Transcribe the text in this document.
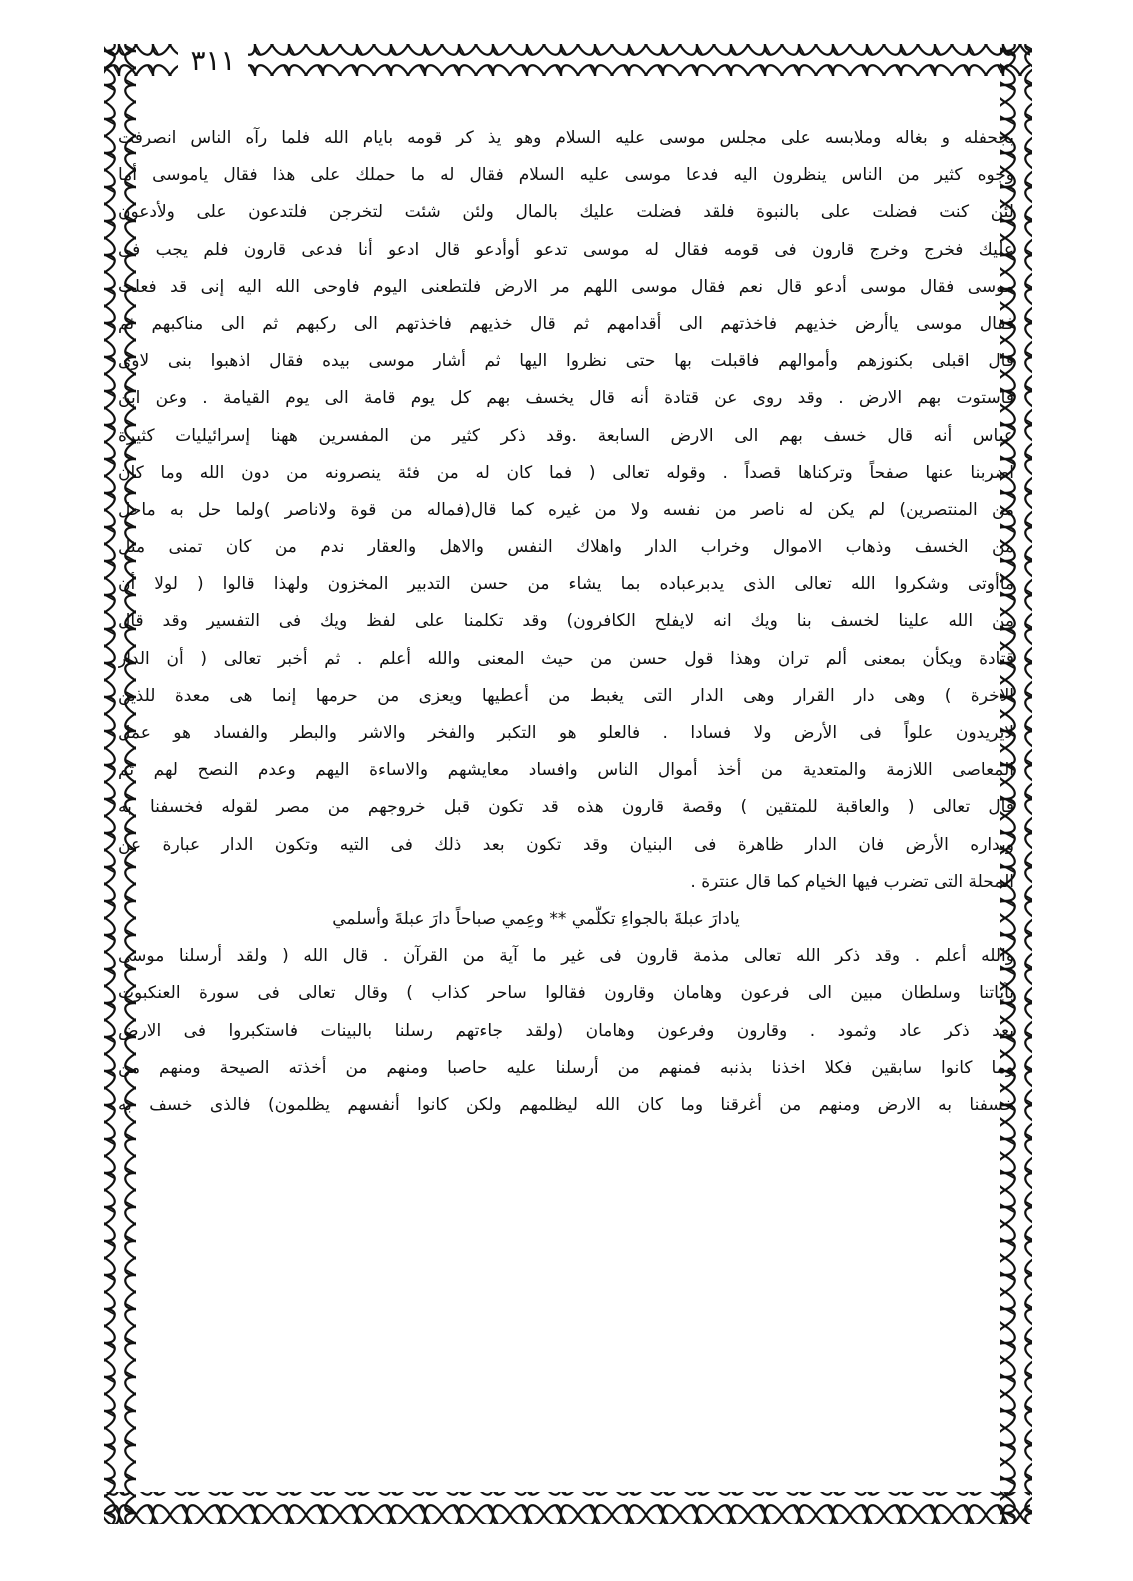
٣١١
بجحفله و بغاله وملابسه على مجلس موسى عليه السلام وهو يذ كر قومه بايام الله فلما رآه الناس انصرفت
وجوه كثير من الناس ينظرون اليه فدعا موسى عليه السلام فقال له ما حملك على هذا فقال ياموسى أما
لئن كنت فضلت على بالنبوة فلقد فضلت عليك بالمال ولئن شئت لتخرجن فلتدعون على ولأدعون
عليك فخرج وخرج قارون فى قومه فقال له موسى تدعو أوأدعو قال ادعو أنا فدعى قارون فلم يجب فى
موسى فقال موسى أدعو قال نعم فقال موسى اللهم مر الارض فلتطعنى اليوم فاوحى الله اليه إنى قد فعلت
فقال موسى ياأرض خذيهم فاخذتهم الى أقدامهم ثم قال خذيهم فاخذتهم الى ركبهم ثم الى مناكبهم ثم
قال اقبلى بكنوزهم وأموالهم فاقبلت بها حتى نظروا اليها ثم أشار موسى بيده فقال اذهبوا بنى لاوى
فاستوت بهم الارض . وقد روى عن قتادة أنه قال يخسف بهم كل يوم قامة الى يوم القيامة . وعن ابن
عباس أنه قال خسف بهم الى الارض السابعة .وقد ذكر كثير من المفسرين ههنا إسرائيليات كثيرة
اضربنا عنها صفحاً وتركناها قصداً . وقوله تعالى ( فما كان له من فئة ينصرونه من دون الله وما كان
من المنتصرين) لم يكن له ناصر من نفسه ولا من غيره كما قال(فماله من قوة ولاناصر )ولما حل به ماحل
من الخسف وذهاب الاموال وخراب الدار واهلاك النفس والاهل والعقار ندم من كان تمنى مثل
ماأوتى وشكروا الله تعالى الذى يدبرعباده بما يشاء من حسن التدبير المخزون ولهذا قالوا ( لولا أن
من الله علينا لخسف بنا ويك انه لايفلح الكافرون) وقد تكلمنا على لفظ ويك فى التفسير وقد قال
قتادة ويكأن بمعنى ألم تران وهذا قول حسن من حيث المعنى والله أعلم . ثم أخبر تعالى ( أن الدار
الاخرة ) وهى دار القرار وهى الدار التى يغبط من أعطيها ويعزى من حرمها إنما هى معدة للذين
لايريدون علواً فى الأرض ولا فسادا . فالعلو هو التكبر والفخر والاشر والبطر والفساد هو عمل
المعاصى اللازمة والمتعدية من أخذ أموال الناس وافساد معايشهم والاساءة اليهم وعدم النصح لهم ثم
قال تعالى ( والعاقبة للمتقين ) وقصة قارون هذه قد تكون قبل خروجهم من مصر لقوله فخسفنا به
وبداره الأرض فان الدار ظاهرة فى البنيان وقد تكون بعد ذلك فى التيه وتكون الدار عبارة عن
المحلة التى تضرب فيها الخيام كما قال عنترة .
يادارَ عبلةَ بالجواءِ تكلّمي ** وعِمي صباحاً دارَ عبلةَ وأسلمي
والله أعلم . وقد ذكر الله تعالى مذمة قارون فى غير ما آية من القرآن . قال الله ( ولقد أرسلنا موسى
بآياتنا وسلطان مبين الى فرعون وهامان وقارون فقالوا ساحر كذاب ) وقال تعالى فى سورة العنكبوت
بعد ذكر عاد وثمود . وقارون وفرعون وهامان (ولقد جاءتهم رسلنا بالبينات فاستكبروا فى الارض
وما كانوا سابقين فكلا اخذنا بذنبه فمنهم من أرسلنا عليه حاصبا ومنهم من أخذته الصيحة ومنهم من
خسفنا به الارض ومنهم من أغرقنا وما كان الله ليظلمهم ولكن كانوا أنفسهم يظلمون) فالذى خسف به
